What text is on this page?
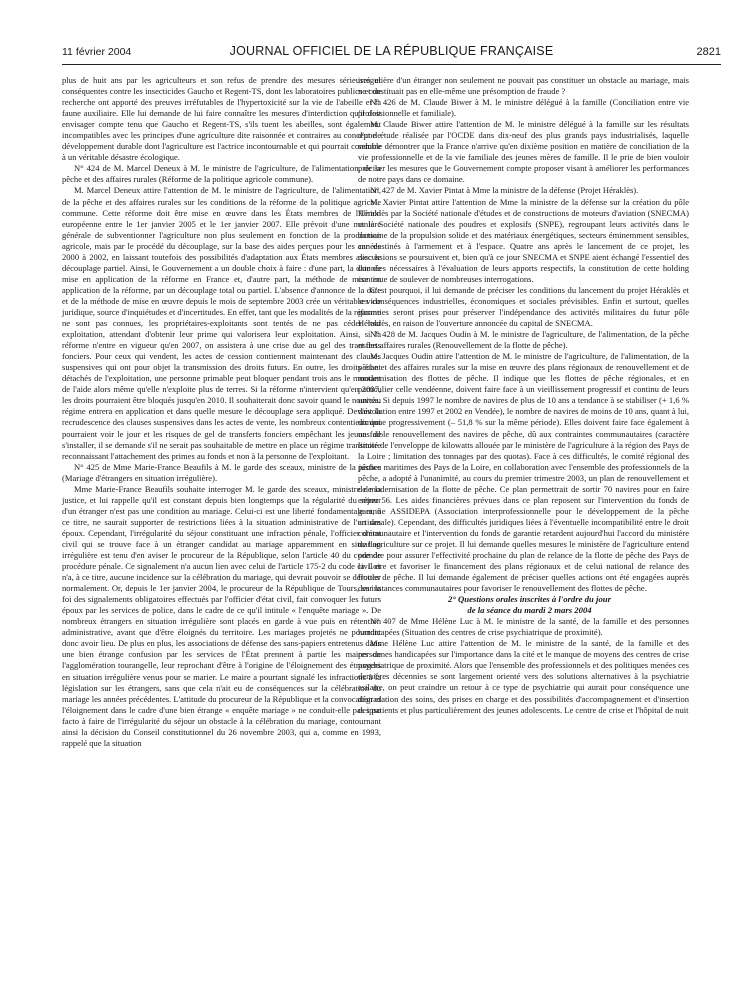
11 février 2004	JOURNAL OFFICIEL DE LA RÉPUBLIQUE FRANÇAISE	2821

plus de huit ans par les agriculteurs et son refus de prendre des mesures sérieuses et conséquentes contre les insecticides Gaucho et Regent-TS, dont les laboratoires publics et de recherche ont apporté des preuves irréfutables de l'hypertoxicité sur la vie de l'abeille et la faune auxiliaire. Elle lui demande de lui faire connaître les mesures d'interdiction qu'il doit envisager compte tenu que Gaucho et Regent-TS, s'ils tuent les abeilles, sont également incompatibles avec les principes d'une agriculture dite raisonnée et contraires au concept de développement durable dont l'agriculture est l'actrice incontournable et qui pourrait conduire à un véritable désastre écologique.

N° 424 de M. Marcel Deneux à M. le ministre de l'agriculture, de l'alimentation, de la pêche et des affaires rurales (Réforme de la politique agricole commune).

M. Marcel Deneux attire l'attention de M. le ministre de l'agriculture, de l'alimentation, de la pêche et des affaires rurales sur les conditions de la réforme de la politique agricole commune. Cette réforme doit être mise en œuvre dans les États membres de l'Union européenne entre le 1er janvier 2005 et le 1er janvier 2007. Elle prévoit d'une manière générale de subventionner l'agriculture non plus seulement en fonction de la production agricole, mais par le procédé du découplage, sur la base des aides perçues pour les années 2000 à 2002, en laissant toutefois des possibilités d'adaptation aux États membres avec le découplage partiel. Ainsi, le Gouvernement a un double choix à faire : d'une part, la date de mise en application de la réforme en France et, d'autre part, la méthode de mise en application de la réforme, par un découplage total ou partiel. L'absence d'annonce de la date et de la méthode de mise en œuvre depuis le mois de septembre 2003 crée un véritable vide juridique, source d'inquiétudes et d'incertitudes. En effet, tant que les modalités de la réforme ne sont pas connues, les propriétaires-exploitants sont tentés de ne pas céder leur exploitation, attendant d'obtenir leur prime qui valorisera leur exploitation. Ainsi, si la réforme n'entre en vigueur qu'en 2007, on assistera à une crise due au gel des transferts fonciers. Pour ceux qui vendent, les actes de cession contiennent maintenant des clauses suspensives qui ont pour objet la transmission des droits futurs. En outre, les droits étant détachés de l'exploitation, une personne primable peut bloquer pendant trois ans le montant de l'aide alors même qu'elle n'exploite plus de terres. Si la réforme n'intervient qu'en 2007, les droits pourraient être bloqués jusqu'en 2010. Il souhaiterait donc savoir quand le nouveau régime entrera en application et dans quelle mesure le découplage sera appliqué. Devant la recrudescence des clauses suspensives dans les actes de vente, les nombreux contentieux qui pourraient voir le jour et les risques de gel de transferts fonciers empêchant les jeunes de s'installer, il se demande s'il ne serait pas souhaitable de mettre en place un régime transitoire reconnaissant l'attachement des primes au fonds et non à la personne de l'exploitant.

N° 425 de Mme Marie-France Beaufils à M. le garde des sceaux, ministre de la justice (Mariage d'étrangers en situation irrégulière).

Mme Marie-France Beaufils souhaite interroger M. le garde des sceaux, ministre de la justice, et lui rappelle qu'il est constant depuis bien longtemps que la régularité du séjour d'un étranger n'est pas une condition au mariage. Celui-ci est une liberté fondamentale et, à ce titre, ne saurait supporter de restrictions liées à la situation administrative de l'un des époux. Cependant, l'irrégularité du séjour constituant une infraction pénale, l'officier d'état civil qui se trouve face à un étranger candidat au mariage apparemment en situation irrégulière est tenu d'en aviser le procureur de la République, selon l'article 40 du code de procédure pénale. Ce signalement n'a aucun lien avec celui de l'article 175-2 du code civil et n'a, à ce titre, aucune incidence sur la célébration du mariage, qui devrait pouvoir se dérouler normalement. Or, depuis le 1er janvier 2004, le procureur de la République de Tours, sur la foi des signalements obligatoires effectués par l'officier d'état civil, fait convoquer les futurs époux par les services de police, dans le cadre de ce qu'il intitule « l'enquête mariage ». De nombreux étrangers en situation irrégulière sont placés en garde à vue puis en rétention administrative, avant que d'être éloignés du territoire. Les mariages projetés ne pourront donc avoir lieu. De plus en plus, les associations de défense des sans-papiers entretenus dans une bien étrange confusion par les services de l'État prennent à partie les maires de l'agglomération tourangelle, leur reprochant d'être à l'origine de l'éloignement des étrangers en situation irrégulière venus pour se marier. Le maire a pourtant signalé les infractions à la législation sur les étrangers, sans que cela n'ait eu de conséquences sur la célébration du mariage les années précédentes. L'attitude du procureur de la République et la convocation et l'éloignement dans le cadre d'une bien étrange « enquête mariage » ne conduit-elle pas ipso facto à faire de l'irrégularité du séjour un obstacle à la célébration du mariage, contournant ainsi la décision du Conseil constitutionnel du 26 novembre 2003, qui a, comme en 1993, rappelé que la situation

irrégulière d'un étranger non seulement ne pouvait pas constituer un obstacle au mariage, mais ne constituait pas en elle-même une présomption de fraude ?

N° 426 de M. Claude Biwer à M. le ministre délégué à la famille (Conciliation entre vie professionnelle et familiale).

M. Claude Biwer attire l'attention de M. le ministre délégué à la famille sur les résultats d'une étude réalisée par l'OCDE dans dix-neuf des plus grands pays industrialisés, laquelle semble démontrer que la France n'arrive qu'en dixième position en matière de conciliation de la vie professionnelle et de la vie familiale des jeunes mères de famille. Il le prie de bien vouloir préciser les mesures que le Gouvernement compte proposer visant à améliorer les performances de notre pays dans ce domaine.

N° 427 de M. Xavier Pintat à Mme la ministre de la défense (Projet Héraklès).

M. Xavier Pintat attire l'attention de Mme la ministre de la défense sur la création du pôle Héraklès par la Société nationale d'études et de constructions de moteurs d'aviation (SNECMA) et la Société nationale des poudres et explosifs (SNPE), regroupant leurs activités dans le domaine de la propulsion solide et des matériaux énergétiques, secteurs éminemment sensibles, car destinés à l'armement et à l'espace. Quatre ans après le lancement de ce projet, les discussions se poursuivent et, bien qu'à ce jour SNECMA et SNPE aient échangé l'essentiel des données nécessaires à l'évaluation de leurs apports respectifs, la constitution de cette holding continue de soulever de nombreuses interrogations.

C'est pourquoi, il lui demande de préciser les conditions du lancement du projet Héraklès et ses conséquences industrielles, économiques et sociales prévisibles. Enfin et surtout, quelles garanties seront prises pour préserver l'indépendance des activités militaires du futur pôle Héraklès, en raison de l'ouverture annoncée du capital de SNECMA.

N° 428 de M. Jacques Oudin à M. le ministre de l'agriculture, de l'alimentation, de la pêche et des affaires rurales (Renouvellement de la flotte de pêche).

M. Jacques Oudin attire l'attention de M. le ministre de l'agriculture, de l'alimentation, de la pêche et des affaires rurales sur la mise en œuvre des plans régionaux de renouvellement et de modernisation des flottes de pêche. Il indique que les flottes de pêche régionales, et en particulier celle vendéenne, doivent faire face à un vieillissement progressif et continu de leurs unités. Si depuis 1997 le nombre de navires de plus de 10 ans a tendance à se stabiliser (+ 1,6 % d'évolution entre 1997 et 2002 en Vendée), le nombre de navires de moins de 10 ans, quant à lui, diminue progressivement (– 51,8 % sur la même période). Elles doivent faire face également à un faible renouvellement des navires de pêche, dû aux contraintes communautaires (caractère limité de l'enveloppe de kilowatts allouée par le ministère de l'agriculture à la région des Pays de la Loire ; limitation des tonnages par des quotas). Face à ces difficultés, le comité régional des pêches maritimes des Pays de la Loire, en collaboration avec l'ensemble des professionnels de la pêche, a adopté à l'unanimité, au cours du premier trimestre 2003, un plan de renouvellement et de modernisation de la flotte de pêche. Ce plan permettrait de sortir 70 navires pour en faire entrer 56. Les aides financières prévues dans ce plan reposent sur l'intervention du fonds de garantie ASSIDEPA (Association interprofessionnelle pour le développement de la pêche artisanale). Cependant, des difficultés juridiques liées à l'éventuelle incompatibilité entre le droit communautaire et l'intervention du fonds de garantie retardent aujourd'hui l'accord du ministère de l'agriculture sur ce projet. Il lui demande quelles mesures le ministère de l'agriculture entend prendre pour assurer l'effectivité prochaine du plan de relance de la flotte de pêche des Pays de la Loire et favoriser le financement des plans régionaux et de celui national de relance des flottes de pêche. Il lui demande également de préciser quelles actions ont été engagées auprès des instances communautaires pour favoriser le renouvellement des flottes de pêche.

2° Questions orales inscrites à l'ordre du jour
de la séance du mardi 2 mars 2004

N° 407 de Mme Hélène Luc à M. le ministre de la santé, de la famille et des personnes handicapées (Situation des centres de crise psychiatrique de proximité).

Mme Hélène Luc attire l'attention de M. le ministre de la santé, de la famille et des personnes handicapées sur l'importance dans la cité et le manque de moyens des centres de crise psychiatrique de proximité. Alors que l'ensemble des professionnels et des politiques menées ces dernières décennies se sont largement orienté vers des solutions alternatives à la psychiatrie asilaire, on peut craindre un retour à ce type de psychiatrie qui aurait pour conséquence une dégradation des soins, des prises en charge et des possibilités d'accompagnement et d'insertion des patients et plus particulièrement des jeunes adolescents. Le centre de crise et l'hôpital de nuit
